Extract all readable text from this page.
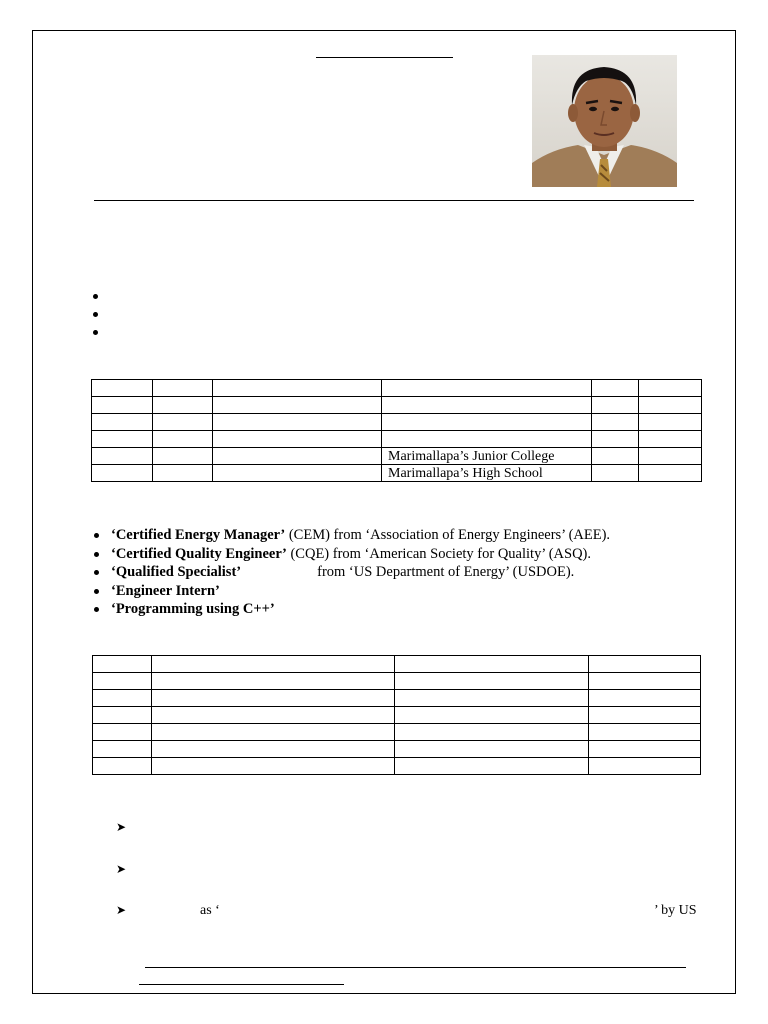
			Marimallapa’s Junior College		
			Marimallapa’s High School		
‘Certified Energy Manager’ (CEM) from ‘Association of Energy Engineers’ (AEE).
‘Certified Quality Engineer’ (CQE) from ‘American Society for Quality’ (ASQ).
‘Qualified Specialist’	from ‘US Department of Energy’ (USDOE).
‘Engineer Intern’
‘Programming using C++’

➤
➤
➤	as ‘	’ by US
